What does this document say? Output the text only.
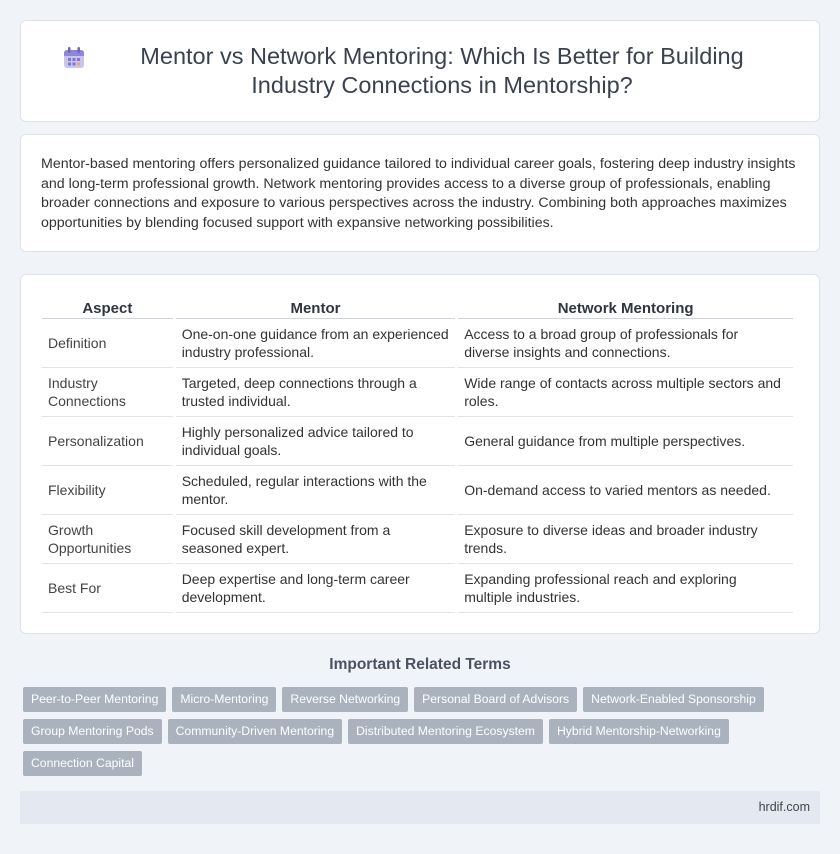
Mentor vs Network Mentoring: Which Is Better for Building Industry Connections in Mentorship?

Mentor-based mentoring offers personalized guidance tailored to individual career goals, fostering deep industry insights and long-term professional growth. Network mentoring provides access to a diverse group of professionals, enabling broader connections and exposure to various perspectives across the industry. Combining both approaches maximizes opportunities by blending focused support with expansive networking possibilities.

Aspect	Mentor	Network Mentoring
Definition	One-on-one guidance from an experienced industry professional.	Access to a broad group of professionals for diverse insights and connections.
Industry Connections	Targeted, deep connections through a trusted individual.	Wide range of contacts across multiple sectors and roles.
Personalization	Highly personalized advice tailored to individual goals.	General guidance from multiple perspectives.
Flexibility	Scheduled, regular interactions with the mentor.	On-demand access to varied mentors as needed.
Growth Opportunities	Focused skill development from a seasoned expert.	Exposure to diverse ideas and broader industry trends.
Best For	Deep expertise and long-term career development.	Expanding professional reach and exploring multiple industries.
Important Related Terms
Peer-to-Peer Mentoring	Micro-Mentoring	Reverse Networking	Personal Board of Advisors	Network-Enabled Sponsorship
Group Mentoring Pods	Community-Driven Mentoring	Distributed Mentoring Ecosystem	Hybrid Mentorship-Networking
Connection Capital
hrdif.com
